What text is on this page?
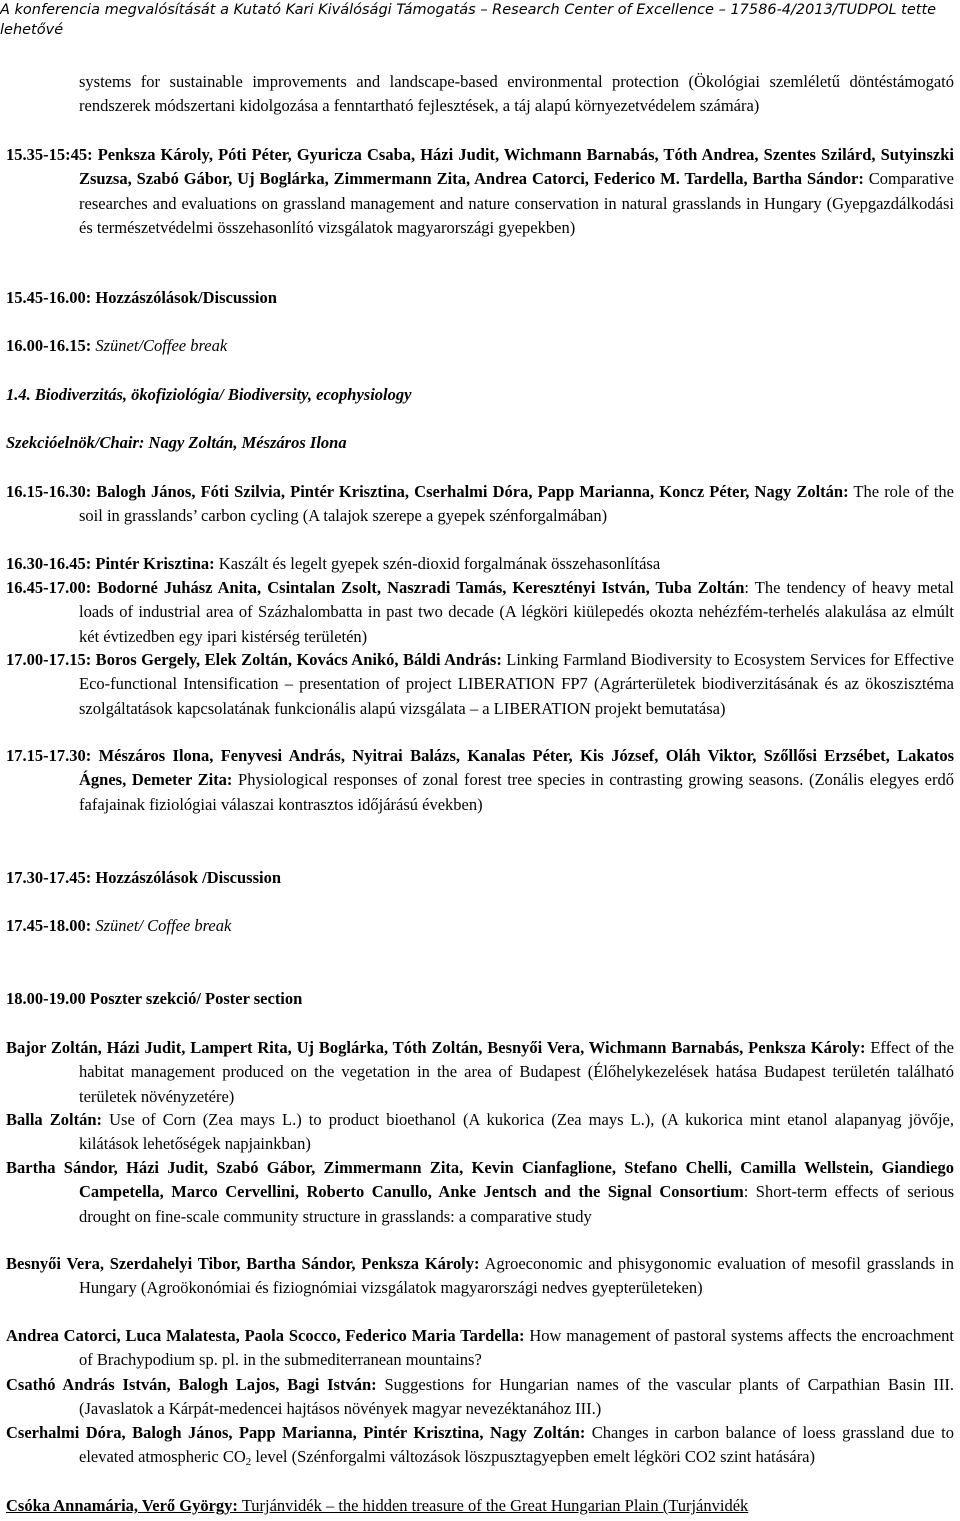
A konferencia megvalósítását a Kutató Kari Kiválósági Támogatás – Research Center of Excellence – 17586-4/2013/TUDPOL tette lehetővé
systems for sustainable improvements and landscape-based environmental protection (Ökológiai szemléletű döntéstámogató rendszerek módszertani kidolgozása a fenntartható fejlesztések, a táj alapú környezetvédelem számára)
15.35-15:45: Penksza Károly, Póti Péter, Gyuricza Csaba, Házi Judit, Wichmann Barnabás, Tóth Andrea, Szentes Szilárd, Sutyinszki Zsuzsa, Szabó Gábor, Uj Boglárka, Zimmermann Zita, Andrea Catorci, Federico M. Tardella, Bartha Sándor: Comparative researches and evaluations on grassland management and nature conservation in natural grasslands in Hungary (Gyepgazdálkodási és természetvédelmi összehasonlító vizsgálatok magyarországi gyepekben)
15.45-16.00: Hozzászólások/Discussion
16.00-16.15: Szünet/Coffee break
1.4. Biodiverzitás, ökofiziológia/ Biodiversity, ecophysiology
Szekcióelnök/Chair: Nagy Zoltán, Mészáros Ilona
16.15-16.30: Balogh János, Fóti Szilvia, Pintér Krisztina, Cserhalmi Dóra, Papp Marianna, Koncz Péter, Nagy Zoltán: The role of the soil in grasslands’ carbon cycling (A talajok szerepe a gyepek szénforgalmában)
16.30-16.45: Pintér Krisztina: Kaszált és legelt gyepek szén-dioxid forgalmának összehasonlítása
16.45-17.00: Bodorné Juhász Anita, Csintalan Zsolt, Naszradi Tamás, Keresztényi István, Tuba Zoltán: The tendency of heavy metal loads of industrial area of Százhalombatta in past two decade (A légköri kiülepedés okozta nehézfém-terhelés alakulása az elmúlt két évtizedben egy ipari kistérség területén)
17.00-17.15: Boros Gergely, Elek Zoltán, Kovács Anikó, Báldi András: Linking Farmland Biodiversity to Ecosystem Services for Effective Eco-functional Intensification – presentation of project LIBERATION FP7 (Agrárterületek biodiverzitásának és az ökoszisztéma szolgáltatások kapcsolatának funkcionális alapú vizsgálata – a LIBERATION projekt bemutatása)
17.15-17.30: Mészáros Ilona, Fenyvesi András, Nyitrai Balázs, Kanalas Péter, Kis József, Oláh Viktor, Szőllősi Erzsébet, Lakatos Ágnes, Demeter Zita: Physiological responses of zonal forest tree species in contrasting growing seasons. (Zonális elegyes erdő fafajainak fiziológiai válaszai kontrasztos időjárású években)
17.30-17.45: Hozzászólások /Discussion
17.45-18.00: Szünet/ Coffee break
18.00-19.00 Poszter szekció/ Poster section
Bajor Zoltán, Házi Judit, Lampert Rita, Uj Boglárka, Tóth Zoltán, Besnyői Vera, Wichmann Barnabás, Penksza Károly: Effect of the habitat management produced on the vegetation in the area of Budapest (Élőhelykezelések hatása Budapest területén található területek növényzetére)
Balla Zoltán: Use of Corn (Zea mays L.) to product bioethanol (A kukorica (Zea mays L.), (A kukorica mint etanol alapanyag jövője, kilátások lehetőségek napjainkban)
Bartha Sándor, Házi Judit, Szabó Gábor, Zimmermann Zita, Kevin Cianfaglione, Stefano Chelli, Camilla Wellstein, Giandiego Campetella, Marco Cervellini, Roberto Canullo, Anke Jentsch and the Signal Consortium: Short-term effects of serious drought on fine-scale community structure in grasslands: a comparative study
Besnyői Vera, Szerdahelyi Tibor, Bartha Sándor, Penksza Károly: Agroeconomic and phisygonomic evaluation of mesofil grasslands in Hungary (Agroökonómiai és fiziognómiai vizsgálatok magyarországi nedves gyepterületeken)
Andrea Catorci, Luca Malatesta, Paola Scocco, Federico Maria Tardella: How management of pastoral systems affects the encroachment of Brachypodium sp. pl. in the submediterranean mountains?
Csathó András István, Balogh Lajos, Bagi István: Suggestions for Hungarian names of the vascular plants of Carpathian Basin III. (Javaslatok a Kárpát-medencei hajtásos növények magyar nevezéktanához III.)
Cserhalmi Dóra, Balogh János, Papp Marianna, Pintér Krisztina, Nagy Zoltán: Changes in carbon balance of loess grassland due to elevated atmospheric $CO_2$ level (Szénforgalmi változások löszpusztagyepben emelt légköri CO2 szint hatására)
Csóka Annamária, Verő György: Turjánvidék – the hidden treasure of the Great Hungarian Plain (Turjánvidék
